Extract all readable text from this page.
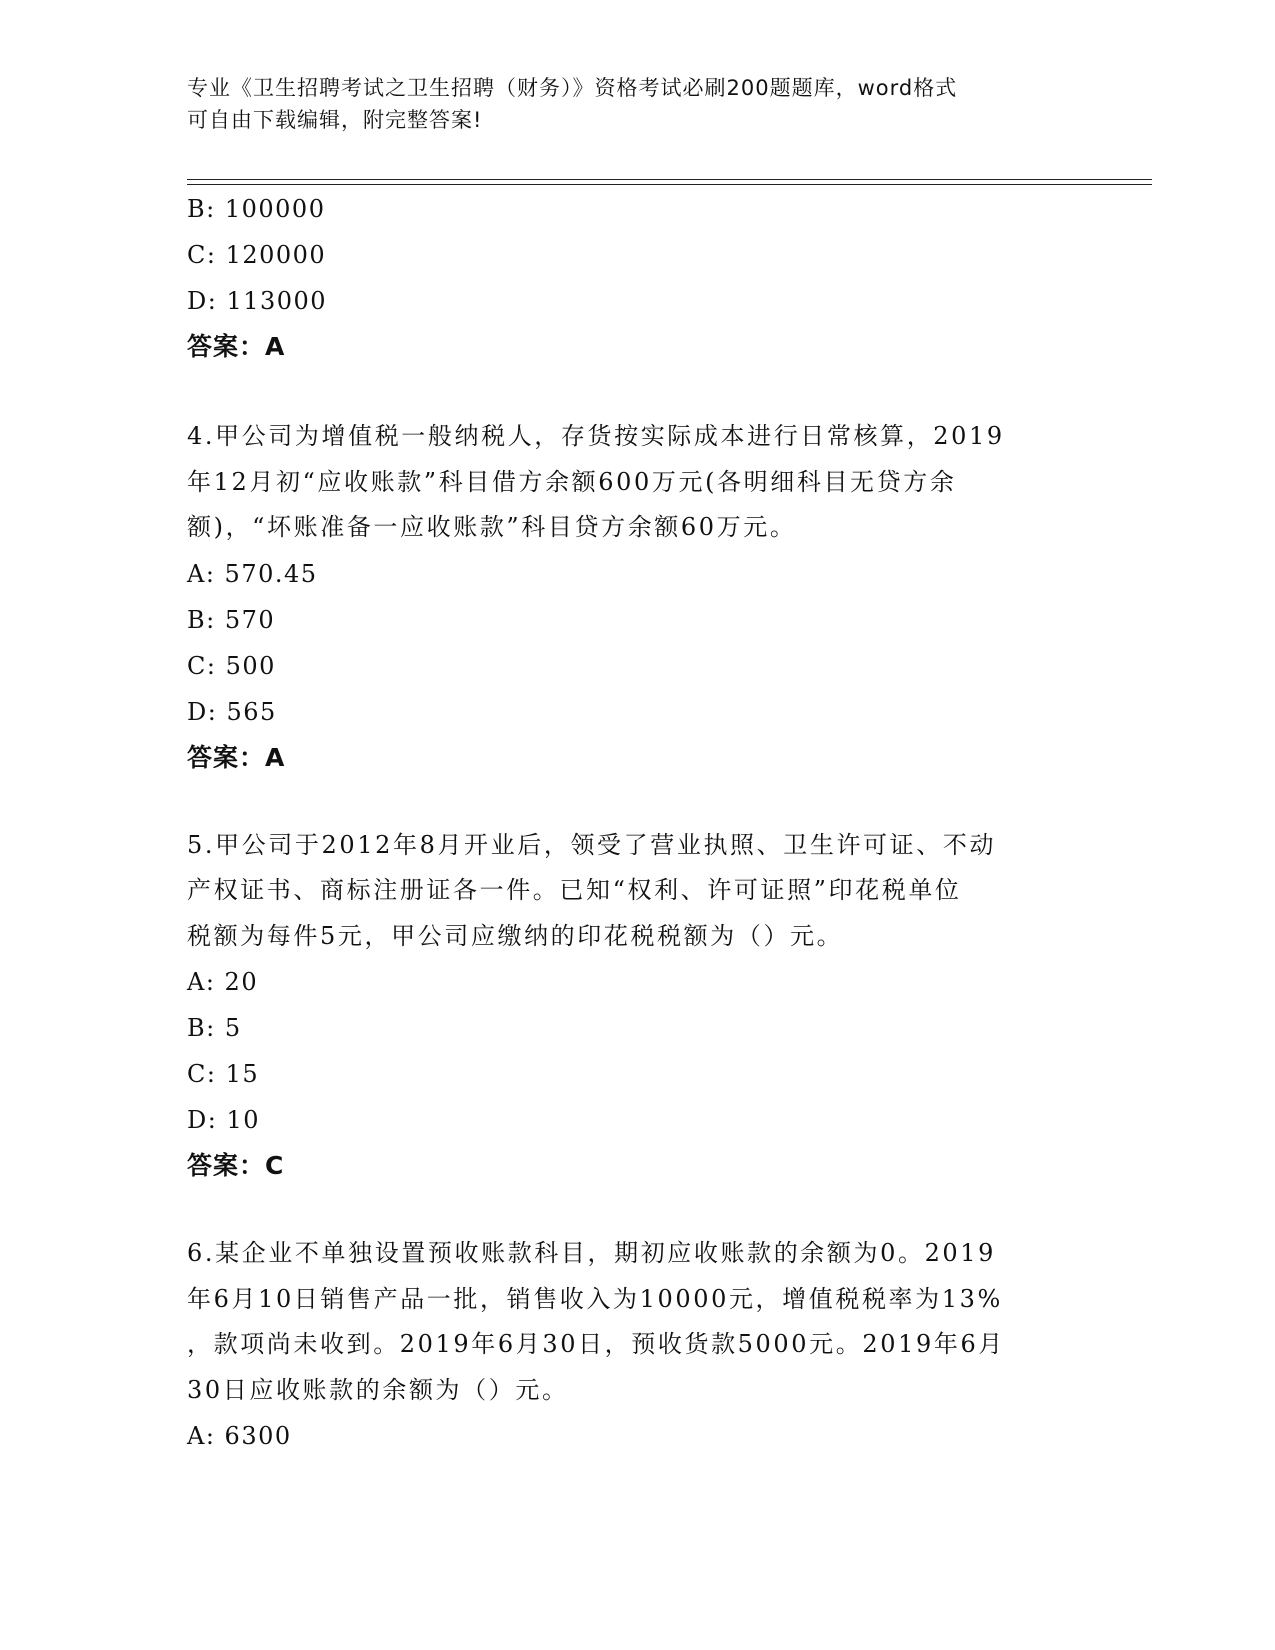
专业《卫生招聘考试之卫生招聘（财务）》资格考试必刷200题题库，word格式
可自由下载编辑，附完整答案!
B: 100000
C: 120000
D: 113000
答案：A
4.甲公司为增值税一般纳税人，存货按实际成本进行日常核算，2019
年12月初“应收账款”科目借方余额600万元(各明细科目无贷方余
额)，“坏账准备一应收账款”科目贷方余额60万元。
A: 570.45
B: 570
C: 500
D: 565
答案：A
5.甲公司于2012年8月开业后，领受了营业执照、卫生许可证、不动
产权证书、商标注册证各一件。已知“权利、许可证照”印花税单位
税额为每件5元，甲公司应缴纳的印花税税额为（）元。
A: 20
B: 5
C: 15
D: 10
答案：C
6.某企业不单独设置预收账款科目，期初应收账款的余额为0。2019
年6月10日销售产品一批，销售收入为10000元，增值税税率为13%
，款项尚未收到。2019年6月30日，预收货款5000元。2019年6月
30日应收账款的余额为（）元。
A: 6300
